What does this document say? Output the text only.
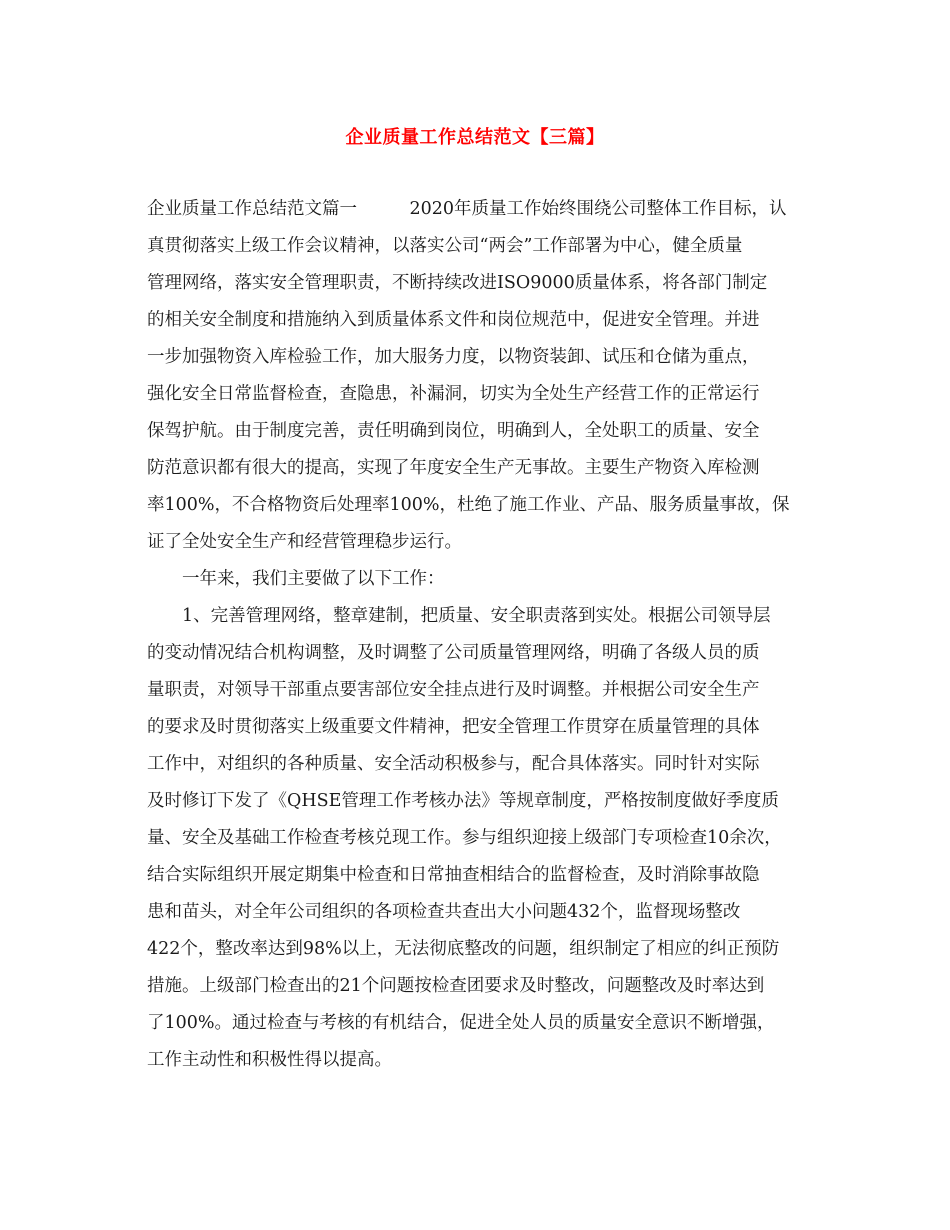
企业质量工作总结范文【三篇】
企业质量工作总结范文篇一　　　2020年质量工作始终围绕公司整体工作目标，认
真贯彻落实上级工作会议精神，以落实公司“两会”工作部署为中心，健全质量
管理网络，落实安全管理职责，不断持续改进ISO9000质量体系，将各部门制定
的相关安全制度和措施纳入到质量体系文件和岗位规范中，促进安全管理。并进
一步加强物资入库检验工作，加大服务力度，以物资装卸、试压和仓储为重点，
强化安全日常监督检查，查隐患，补漏洞，切实为全处生产经营工作的正常运行
保驾护航。由于制度完善，责任明确到岗位，明确到人，全处职工的质量、安全
防范意识都有很大的提高，实现了年度安全生产无事故。主要生产物资入库检测
率100%，不合格物资后处理率100%，杜绝了施工作业、产品、服务质量事故，保
证了全处安全生产和经营管理稳步运行。
　　一年来，我们主要做了以下工作：
　　1、完善管理网络，整章建制，把质量、安全职责落到实处。根据公司领导层
的变动情况结合机构调整，及时调整了公司质量管理网络，明确了各级人员的质
量职责，对领导干部重点要害部位安全挂点进行及时调整。并根据公司安全生产
的要求及时贯彻落实上级重要文件精神，把安全管理工作贯穿在质量管理的具体
工作中，对组织的各种质量、安全活动积极参与，配合具体落实。同时针对实际
及时修订下发了《QHSE管理工作考核办法》等规章制度，严格按制度做好季度质
量、安全及基础工作检查考核兑现工作。参与组织迎接上级部门专项检查10余次，
结合实际组织开展定期集中检查和日常抽查相结合的监督检查，及时消除事故隐
患和苗头，对全年公司组织的各项检查共查出大小问题432个，监督现场整改
422个，整改率达到98%以上，无法彻底整改的问题，组织制定了相应的纠正预防
措施。上级部门检查出的21个问题按检查团要求及时整改，问题整改及时率达到
了100%。通过检查与考核的有机结合，促进全处人员的质量安全意识不断增强，
工作主动性和积极性得以提高。
